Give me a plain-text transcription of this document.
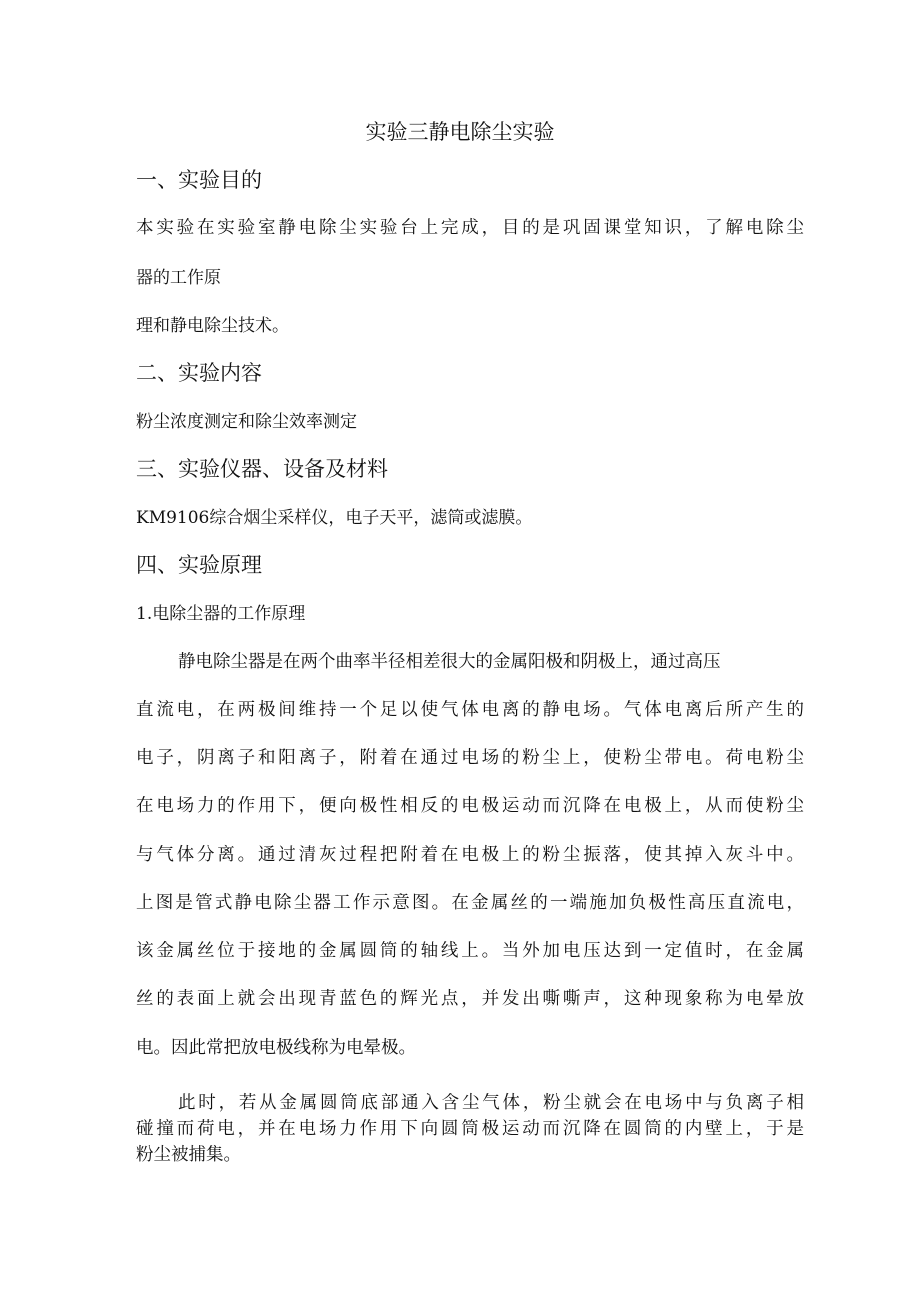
实验三静电除尘实验
一、实验目的
本实验在实验室静电除尘实验台上完成，目的是巩固课堂知识，了解电除尘
器的工作原
理和静电除尘技术。
二、实验内容
粉尘浓度测定和除尘效率测定
三、实验仪器、设备及材料
KM9106综合烟尘采样仪，电子天平，滤筒或滤膜。
四、实验原理
1.电除尘器的工作原理
静电除尘器是在两个曲率半径相差很大的金属阳极和阴极上，通过高压
直流电，在两极间维持一个足以使气体电离的静电场。气体电离后所产生的
电子，阴离子和阳离子，附着在通过电场的粉尘上，使粉尘带电。荷电粉尘
在电场力的作用下，便向极性相反的电极运动而沉降在电极上，从而使粉尘
与气体分离。通过清灰过程把附着在电极上的粉尘振落，使其掉入灰斗中。
上图是管式静电除尘器工作示意图。在金属丝的一端施加负极性高压直流电，
该金属丝位于接地的金属圆筒的轴线上。当外加电压达到一定值时，在金属
丝的表面上就会出现青蓝色的辉光点，并发出嘶嘶声，这种现象称为电晕放
电。因此常把放电极线称为电晕极。
此时，若从金属圆筒底部通入含尘气体，粉尘就会在电场中与负离子相
碰撞而荷电，并在电场力作用下向圆筒极运动而沉降在圆筒的内壁上，于是
粉尘被捕集。
